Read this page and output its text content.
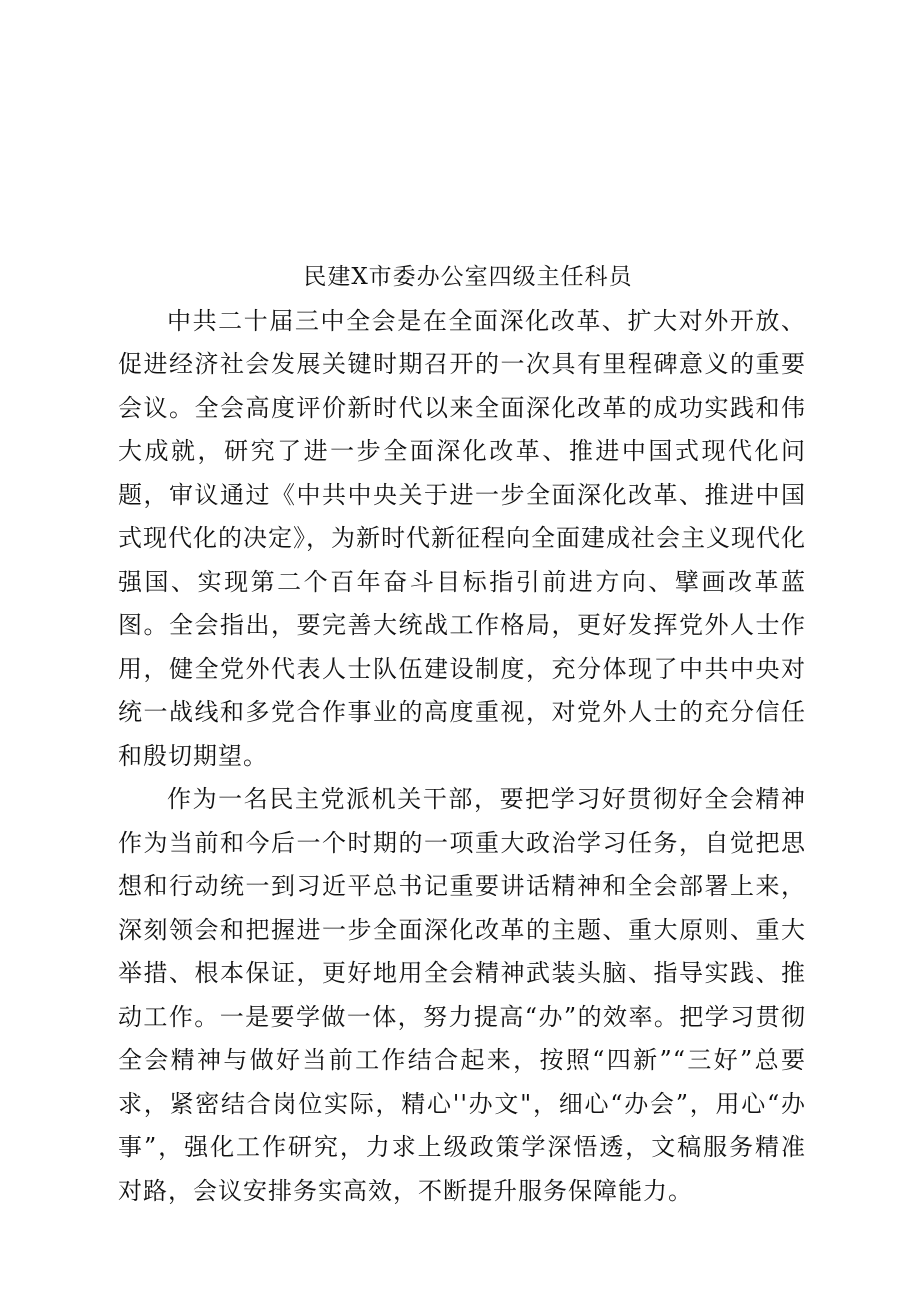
民建X市委办公室四级主任科员

中共二十届三中全会是在全面深化改革、扩大对外开放、促进经济社会发展关键时期召开的一次具有里程碑意义的重要会议。全会高度评价新时代以来全面深化改革的成功实践和伟大成就，研究了进一步全面深化改革、推进中国式现代化问题，审议通过《中共中央关于进一步全面深化改革、推进中国式现代化的决定》，为新时代新征程向全面建成社会主义现代化强国、实现第二个百年奋斗目标指引前进方向、擘画改革蓝图。全会指出，要完善大统战工作格局，更好发挥党外人士作用，健全党外代表人士队伍建设制度，充分体现了中共中央对统一战线和多党合作事业的高度重视，对党外人士的充分信任和殷切期望。

作为一名民主党派机关干部，要把学习好贯彻好全会精神作为当前和今后一个时期的一项重大政治学习任务，自觉把思想和行动统一到习近平总书记重要讲话精神和全会部署上来，深刻领会和把握进一步全面深化改革的主题、重大原则、重大举措、根本保证，更好地用全会精神武装头脑、指导实践、推动工作。一是要学做一体，努力提高“办”的效率。把学习贯彻全会精神与做好当前工作结合起来，按照“四新”“三好”总要求，紧密结合岗位实际，精心''办文"，细心“办会”，用心“办事”，强化工作研究，力求上级政策学深悟透，文稿服务精准对路，会议安排务实高效，不断提升服务保障能力。
